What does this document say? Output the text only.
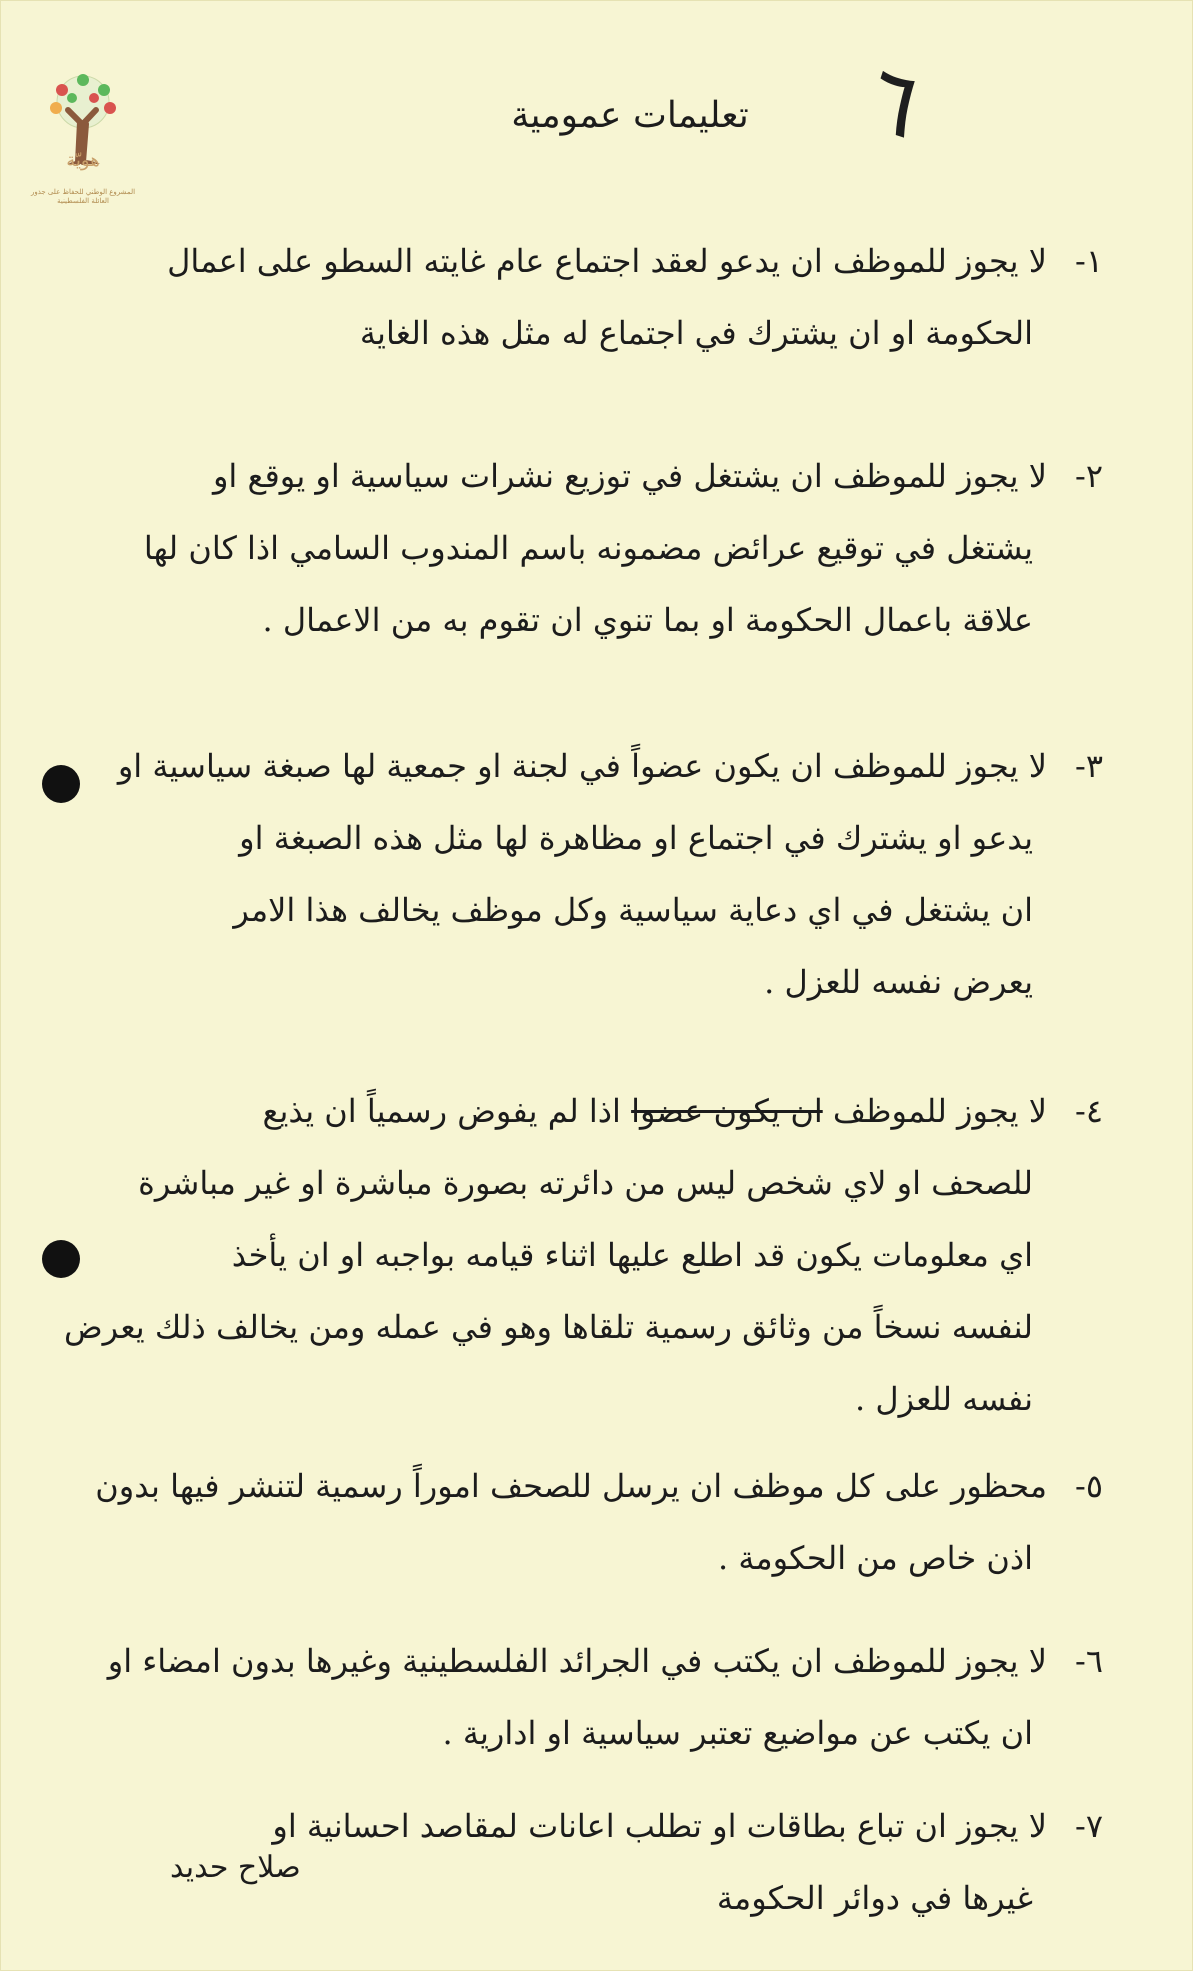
هويّة
المشروع الوطني للحفاظ على جذور العائلة الفلسطينية
٦
تعليمات عمومية
١-لا يجوز للموظف ان يدعو لعقد اجتماع عام غايته السطو على اعمال
الحكومة او ان يشترك في اجتماع له مثل هذه الغاية
٢-لا يجوز للموظف ان يشتغل في توزيع نشرات سياسية او يوقع او
يشتغل في توقيع عرائض مضمونه باسم المندوب السامي اذا كان لها
علاقة باعمال الحكومة او بما تنوي ان تقوم به من الاعمال .
٣-لا يجوز للموظف ان يكون عضواً في لجنة او جمعية لها صبغة سياسية او
يدعو او يشترك في اجتماع او مظاهرة لها مثل هذه الصبغة او
ان يشتغل في اي دعاية سياسية وكل موظف يخالف هذا الامر
يعرض نفسه للعزل .
٤-لا يجوز للموظف ان يكون عضوا اذا لم يفوض رسمياً ان يذيع
للصحف او لاي شخص ليس من دائرته بصورة مباشرة او غير مباشرة
اي معلومات يكون قد اطلع عليها اثناء قيامه بواجبه او ان يأخذ
لنفسه نسخاً من وثائق رسمية تلقاها وهو في عمله ومن يخالف ذلك يعرض
نفسه للعزل .
٥-محظور على كل موظف ان يرسل للصحف اموراً رسمية لتنشر فيها بدون
اذن خاص من الحكومة .
٦-لا يجوز للموظف ان يكتب في الجرائد الفلسطينية وغيرها بدون امضاء او
ان يكتب عن مواضيع تعتبر سياسية او ادارية .
٧-لا يجوز ان تباع بطاقات او تطلب اعانات لمقاصد احسانية او
غيرها في دوائر الحكومة
صلاح حديد
